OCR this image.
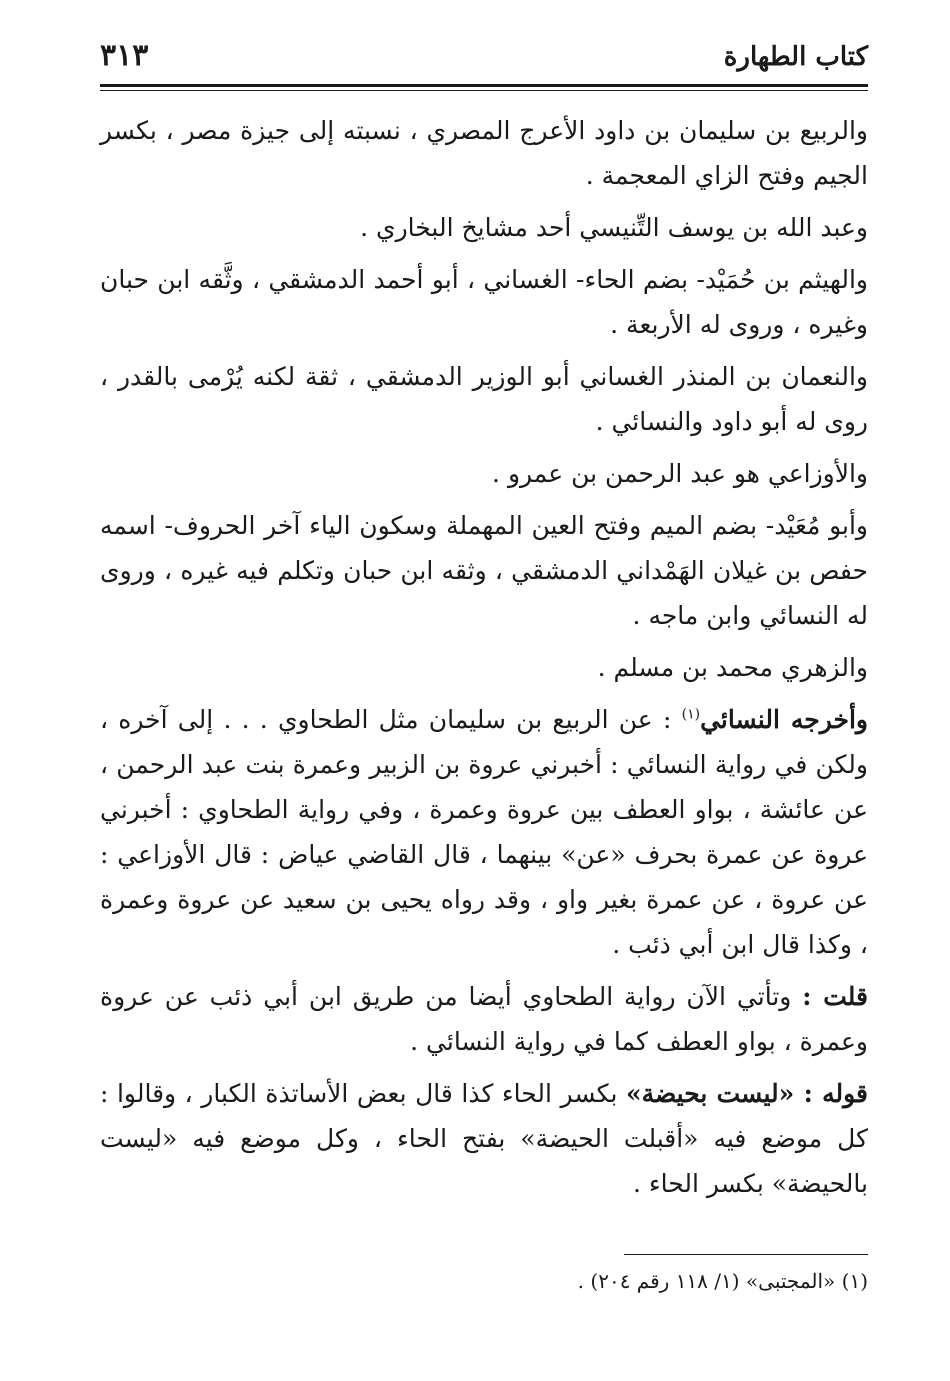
كتاب الطهارة
٣١٣

والربيع بن سليمان بن داود الأعرج المصري ، نسبته إلى جيزة مصر ، بكسر الجيم وفتح الزاي المعجمة .

وعبد الله بن يوسف التِّنيسي أحد مشايخ البخاري .

والهيثم بن حُمَيْد- بضم الحاء- الغساني ، أبو أحمد الدمشقي ، وثَّقه ابن حبان وغيره ، وروى له الأربعة .

والنعمان بن المنذر الغساني أبو الوزير الدمشقي ، ثقة لكنه يُرْمى بالقدر ، روى له أبو داود والنسائي .

والأوزاعي هو عبد الرحمن بن عمرو .

وأبو مُعَيْد- بضم الميم وفتح العين المهملة وسكون الياء آخر الحروف- اسمه حفص بن غيلان الهَمْداني الدمشقي ، وثقه ابن حبان وتكلم فيه غيره ، وروى له النسائي وابن ماجه .

والزهري محمد بن مسلم .

وأخرجه النسائي$^{(١)}$ : عن الربيع بن سليمان مثل الطحاوي . . . إلى آخره ، ولكن في رواية النسائي : أخبرني عروة بن الزبير وعمرة بنت عبد الرحمن ، عن عائشة ، بواو العطف بين عروة وعمرة ، وفي رواية الطحاوي : أخبرني عروة عن عمرة بحرف «عن» بينهما ، قال القاضي عياض : قال الأوزاعي : عن عروة ، عن عمرة بغير واو ، وقد رواه يحيى بن سعيد عن عروة وعمرة ، وكذا قال ابن أبي ذئب .

قلت : وتأتي الآن رواية الطحاوي أيضا من طريق ابن أبي ذئب عن عروة وعمرة ، بواو العطف كما في رواية النسائي .

قوله : «ليست بحيضة» بكسر الحاء كذا قال بعض الأساتذة الكبار ، وقالوا : كل موضع فيه «أقبلت الحيضة» بفتح الحاء ، وكل موضع فيه «ليست بالحيضة» بكسر الحاء .

(١) «المجتبى» (١/ ١١٨ رقم ٢٠٤) .
